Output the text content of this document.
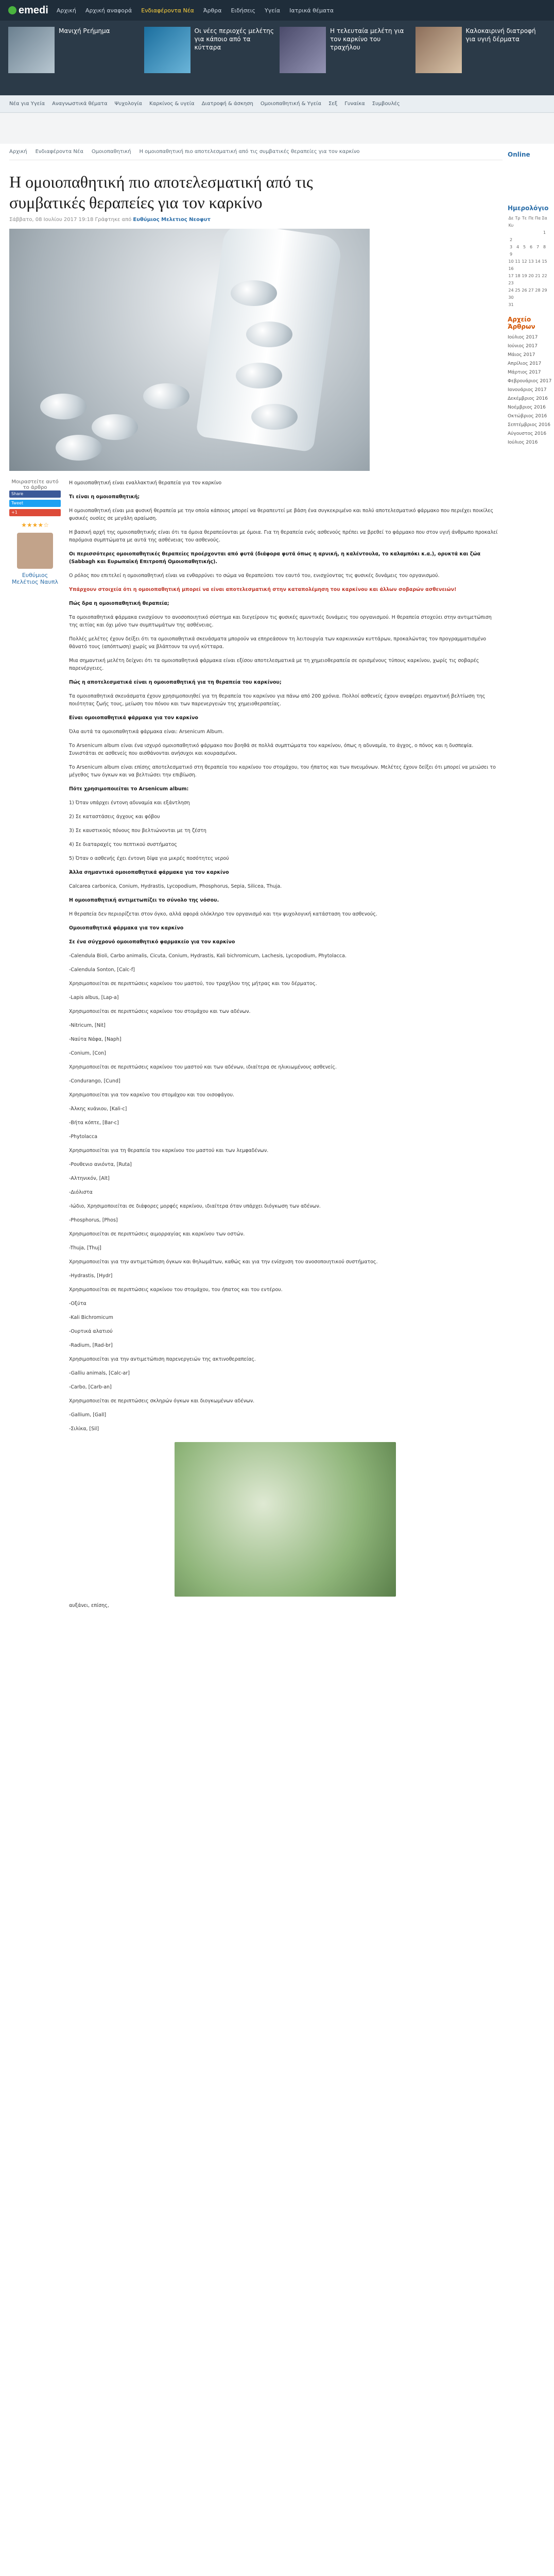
emedi Αρχική Αρχική αναφορά Ενδιαφέροντα Νέα Άρθρα Ειδήσεις Υγεία Ιατρικά θέματα
Μανιχή Ρεήμημα	Οι νέες περιοχές μελέτης για κάποιο από τα κύτταρα
Η τελευταία μελέτη για τον καρκίνο του τραχήλου
Καλοκαιρινή διατροφή για υγιή δέρματα
Νέα για Υγεία Αναγνωστικά θέματα Ψυχολογία Καρκίνος & υγεία Διατροφή & άσκηση Ομοιοπαθητική & Υγεία Σεξ Γυναίκα Συμβουλές
Αρχική Ενδιαφέροντα Νέα Ομοιοπαθητική Η ομοιοπαθητική πιο αποτελεσματική από τις συμβατικές θεραπείες για τον καρκίνο
Η ομοιοπαθητική πιο αποτελεσματική από τις συμβατικές θεραπείες για τον καρκίνο
Σάββατο, 08 Ιουλίου 2017 19:18 Γράφτηκε από Ευθύμιος Μελετιος Νεοφυτ
Μοιραστείτε αυτό το άρθρο
Share
Tweet
+1
★★★★☆
Ευθύμιος Μελέτιος Ναυπλ

Η ομοιοπαθητική είναι εναλλακτική θεραπεία για τον καρκίνο

Τι είναι η ομοιοπαθητική;

Η ομοιοπαθητική είναι μια φυσική θεραπεία με την οποία κάποιος μπορεί να θεραπευτεί με βάση ένα συγκεκριμένο και πολύ αποτελεσματικό φάρμακο που περιέχει ποικίλες φυσικές ουσίες σε μεγάλη αραίωση.

Η βασική αρχή της ομοιοπαθητικής είναι ότι τα όμοια θεραπεύονται με όμοια. Για τη θεραπεία ενός ασθενούς πρέπει να βρεθεί το φάρμακο που στον υγιή άνθρωπο προκαλεί παρόμοια συμπτώματα με αυτά της ασθένειας του ασθενούς.

Οι περισσότερες ομοιοπαθητικές θεραπείες προέρχονται από φυτά (διάφορα φυτά όπως η αρνική, η καλέντουλα, το καλαμπόκι κ.α.), ορυκτά και ζώα (Sabbagh και Ευρωπαϊκή Επιτροπή Ομοιοπαθητικής).

Ο ρόλος που επιτελεί η ομοιοπαθητική είναι να ενθαρρύνει το σώμα να θεραπεύσει τον εαυτό του, ενισχύοντας τις φυσικές δυνάμεις του οργανισμού.

Υπάρχουν στοιχεία ότι η ομοιοπαθητική μπορεί να είναι αποτελεσματική στην καταπολέμηση του καρκίνου και άλλων σοβαρών ασθενειών!

Πώς δρα η ομοιοπαθητική θεραπεία;

Τα ομοιοπαθητικά φάρμακα ενισχύουν το ανοσοποιητικό σύστημα και διεγείρουν τις φυσικές αμυντικές δυνάμεις του οργανισμού. Η θεραπεία στοχεύει στην αντιμετώπιση της αιτίας και όχι μόνο των συμπτωμάτων της ασθένειας.

Πολλές μελέτες έχουν δείξει ότι τα ομοιοπαθητικά σκευάσματα μπορούν να επηρεάσουν τη λειτουργία των καρκινικών κυττάρων, προκαλώντας τον προγραμματισμένο θάνατό τους (απόπτωση) χωρίς να βλάπτουν τα υγιή κύτταρα.

Μια σημαντική μελέτη δείχνει ότι τα ομοιοπαθητικά φάρμακα είναι εξίσου αποτελεσματικά με τη χημειοθεραπεία σε ορισμένους τύπους καρκίνου, χωρίς τις σοβαρές παρενέργειες.

Πώς η αποτελεσματικά είναι η ομοιοπαθητική για τη θεραπεία του καρκίνου;

Τα ομοιοπαθητικά σκευάσματα έχουν χρησιμοποιηθεί για τη θεραπεία του καρκίνου για πάνω από 200 χρόνια. Πολλοί ασθενείς έχουν αναφέρει σημαντική βελτίωση της ποιότητας ζωής τους, μείωση του πόνου και των παρενεργειών της χημειοθεραπείας.

Είναι ομοιοπαθητικά φάρμακα για τον καρκίνο

Όλα αυτά τα ομοιοπαθητικά φάρμακα είναι: Arsenicum Album.

Το Arsenicum album είναι ένα ισχυρό ομοιοπαθητικό φάρμακο που βοηθά σε πολλά συμπτώματα του καρκίνου, όπως η αδυναμία, το άγχος, ο πόνος και η δυσπεψία. Συνιστάται σε ασθενείς που αισθάνονται ανήσυχοι και κουρασμένοι.

Το Arsenicum album είναι επίσης αποτελεσματικό στη θεραπεία του καρκίνου του στομάχου, του ήπατος και των πνευμόνων. Μελέτες έχουν δείξει ότι μπορεί να μειώσει το μέγεθος των όγκων και να βελτιώσει την επιβίωση.

Πότε χρησιμοποιείται το Arsenicum album:

1) Όταν υπάρχει έντονη αδυναμία και εξάντληση

2) Σε καταστάσεις άγχους και φόβου

3) Σε καυστικούς πόνους που βελτιώνονται με τη ζέστη

4) Σε διαταραχές του πεπτικού συστήματος

5) Όταν ο ασθενής έχει έντονη δίψα για μικρές ποσότητες νερού

Άλλα σημαντικά ομοιοπαθητικά φάρμακα για τον καρκίνο

Calcarea carbonica, Conium, Hydrastis, Lycopodium, Phosphorus, Sepia, Silicea, Thuja.

Η ομοιοπαθητική αντιμετωπίζει το σύνολο της νόσου.

Η θεραπεία δεν περιορίζεται στον όγκο, αλλά αφορά ολόκληρο τον οργανισμό και την ψυχολογική κατάσταση του ασθενούς.

Ομοιοπαθητικά φάρμακα για τον καρκίνο

Σε ένα σύγχρονό ομοιοπαθητικό φαρμακείο για τον καρκίνο

-Calendula Bioli, Carbo animalis, Cicuta, Conium, Hydrastis, Kali bichromicum, Lachesis, Lycopodium, Phytolacca.

-Calendula Sonton, [Calc-f]

Χρησιμοποιείται σε περιπτώσεις καρκίνου του μαστού, του τραχήλου της μήτρας και του δέρματος.

-Lapis albus, [Lap-a]

Χρησιμοποιείται σε περιπτώσεις καρκίνου του στομάχου και των αδένων.

-Nitricum, [Nit]

-Ναύτα Νάφα, [Naph]

-Conium, [Con]

Χρησιμοποιείται σε περιπτώσεις καρκίνου του μαστού και των αδένων, ιδιαίτερα σε ηλικιωμένους ασθενείς.

-Condurango, [Cund]

Χρησιμοποιείται για τον καρκίνο του στομάχου και του οισοφάγου.

-Άλκης κυάνιου, [Kali-c]

-Βήτα κόπτε, [Bar-c]

-Phytolacca

Χρησιμοποιείται για τη θεραπεία του καρκίνου του μαστού και των λεμφαδένων.

-Ρουθενιο ανιόντα, [Ruta]

-Αλτηνικόν, [Alt]

-Διόλιστα

-Ιώδιο, Χρησιμοποιείται σε διάφορες μορφές καρκίνου, ιδιαίτερα όταν υπάρχει διόγκωση των αδένων.

-Phosphorus, [Phos]

Χρησιμοποιείται σε περιπτώσεις αιμορραγίας και καρκίνου των οστών.

-Thuja, [Thuj]

Χρησιμοποιείται για την αντιμετώπιση όγκων και θηλωμάτων, καθώς και για την ενίσχυση του ανοσοποιητικού συστήματος.

-Hydrastis, [Hydr]

Χρησιμοποιείται σε περιπτώσεις καρκίνου του στομάχου, του ήπατος και του εντέρου.

-Οξύτα

-Kali Bichromicum

-Ουρτικά αλατιού

-Radium, [Rad-br]

Χρησιμοποιείται για την αντιμετώπιση παρενεργειών της ακτινοθεραπείας.

-Galliu animals, [Calc-ar]

-Carbo, [Carb-an]

Χρησιμοποιείται σε περιπτώσεις σκληρών όγκων και διογκωμένων αδένων.

-Gallium, [Gall]

-Σιλίκα, [Sil]

αυξάνει, επίσης,

Online
Ημερολόγιο
Δε Τρ Τε Πε Πα ΣαΚυ
12
3 4 5 6 7 89
10 11 12 13 14 1516
17 18 19 20 21 2223
24 25 26 27 28 2930
31
Αρχείο Άρθρων
Ιούλιος 2017
Ιούνιος 2017
Μάιος 2017
Απρίλιος 2017
Μάρτιος 2017
Φεβρουάριος 2017
Ιανουάριος 2017
Δεκέμβριος 2016
Νοέμβριος 2016
Οκτώβριος 2016
Σεπτέμβριος 2016
Αύγουστος 2016
Ιούλιος 2016
